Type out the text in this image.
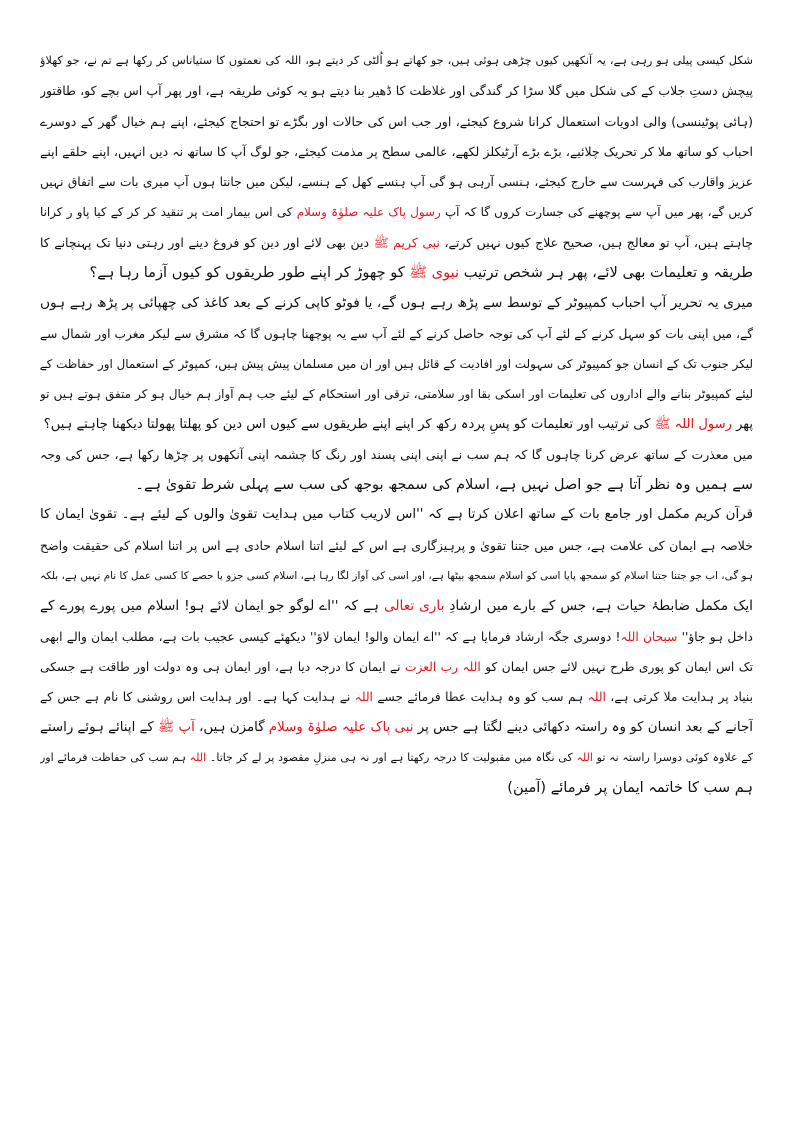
شکل کیسی پیلی ہو رہی ہے، یہ آنکھیں کیوں چڑھی ہوئی ہیں، جو کھاتے ہو اُلٹی کر دیتے ہو، اللہ کی نعمتوں کا ستیاناس کر رکھا ہے تم نے، جو کھلاؤ
پیچش دستِ جلاب کے کی شکل میں گلا سڑا کر گندگی اور غلاظت کا ڈھیر بنا دیتے ہو یہ کوئی طریقہ ہے، اور پھر آپ اس بچے کو، طاقتور
(ہائی پوٹینسی) والی ادویات استعمال کرانا شروع کیجئے، اور جب اس کی حالات اور بگڑے تو احتجاج کیجئے، اپنے ہم خیال گھر کے دوسرے
احباب کو ساتھ ملا کر تحریک چلائیے، بڑے بڑے آرٹیکلز لکھے، عالمی سطح پر مذمت کیجئے، جو لوگ آپ کا ساتھ نہ دیں انہیں، اپنے حلقے اپنے
عزیز واقارب کی فہرست سے خارج کیجئے، ہنسی آرہی ہو گی آپ ہنسے کھل کے ہنسے، لیکن میں جانتا ہوں آپ میری بات سے اتفاق نہیں
کریں گے، پھر میں آپ سے پوچھنے کی جسارت کروں گا کہ آپ رسول پاک علیہ صلوٰۃ وسلام کی اس بیمار امت پر تنقید کر کر کے کیا پاو ر کرانا
چاہتے ہیں، آپ تو معالج ہیں، صحیح علاج کیوں نہیں کرتے، نبی کریم ﷺ دین بھی لائے اور دین کو فروغ دینے اور رہتی دنیا تک پہنچانے کا
طریقہ و تعلیمات بھی لائے، پھر ہر شخص ترتیب نبوی ﷺ کو چھوڑ کر اپنے طور طریقوں کو کیوں آزما رہا ہے؟
میری یہ تحریر آپ احباب کمپیوٹر کے توسط سے پڑھ رہے ہوں گے، یا فوٹو کاپی کرنے کے بعد کاغذ کی چھپائی پر پڑھ رہے ہوں
گے، میں اپنی بات کو سہل کرنے کے لئے آپ کی توجہ حاصل کرنے کے لئے آپ سے یہ پوچھنا چاہوں گا کہ مشرق سے لیکر مغرب اور شمال سے
لیکر جنوب تک کے انسان جو کمپیوٹر کی سہولت اور افادیت کے قائل ہیں اور ان میں مسلمان پیش پیش ہیں، کمپوٹر کے استعمال اور حفاظت کے
لیئے کمپیوٹر بنانے والے اداروں کی تعلیمات اور اسکی بقا اور سلامتی، ترقی اور استحکام کے لیئے جب ہم آواز ہم خیال ہو کر متفق ہوتے ہیں تو
پھر رسول اللہ ﷺ کی ترتیب اور تعلیمات کو پسِ پردہ رکھ کر اپنے اپنے طریقوں سے کیوں اس دین کو پھلتا پھولتا دیکھنا چاہتے ہیں؟
میں معذرت کے ساتھ عرض کرنا چاہوں گا کہ ہم سب نے اپنی اپنی پسند اور رنگ کا چشمہ اپنی آنکھوں پر چڑھا رکھا ہے، جس کی وجہ
سے ہمیں وہ نظر آتا ہے جو اصل نہیں ہے، اسلام کی سمجھ بوجھ کی سب سے پہلی شرط تقویٰ ہے۔
قرآن کریم مکمل اور جامع بات کے ساتھ اعلان کرتا ہے کہ ''اس لاریب کتاب میں ہدایت تقویٰ والوں کے لیئے ہے۔ تقویٰ ایمان کا
خلاصہ ہے ایمان کی علامت ہے، جس میں جتنا تقویٰ و پرہیزگاری ہے اس کے لیئے اتنا اسلام حادی ہے اس پر اتنا اسلام کی حقیقت واضح
ہو گی، اب جو جتنا جتنا اسلام کو سمجھ پایا اسی کو اسلام سمجھ بیٹھا ہے، اور اسی کی آواز لگا رہا ہے، اسلام کسی جزو یا حصے کا کسی عمل کا نام نہیں ہے، بلکہ
ایک مکمل ضابطۂ حیات ہے، جس کے بارے میں ارشادِ باری تعالی ہے کہ ''اے لوگو جو ایمان لائے ہو! اسلام میں پورے پورے کے
داخل ہو جاؤ'' سبحان اللہ! دوسری جگہ ارشاد فرمایا ہے کہ ''اے ایمان والو! ایمان لاؤ'' دیکھئے کیسی عجیب بات ہے، مطلب ایمان والے ابھی
تک اس ایمان کو پوری طرح نہیں لائے جس ایمان کو اللہ رب العزت نے ایمان کا درجہ دیا ہے، اور ایمان ہی وہ دولت اور طاقت ہے جسکی
بنیاد پر ہدایت ملا کرتی ہے، اللہ ہم سب کو وہ ہدایت عطا فرمائے جسے اللہ نے ہدایت کہا ہے۔ اور ہدایت اس روشنی کا نام ہے جس کے
آجانے کے بعد انسان کو وہ راستہ دکھائی دینے لگتا ہے جس پر نبی پاک علیہ صلوٰۃ وسلام گامزن ہیں، آپ ﷺ کے اپنائے ہوئے راستے
کے علاوہ کوئی دوسرا راستہ نہ تو اللہ کی نگاہ میں مقبولیت کا درجہ رکھتا ہے اور نہ ہی منزلِ مقصود پر لے کر جاتا۔ اللہ ہم سب کی حفاظت فرمائے اور
ہم سب کا خاتمہ ایمان پر فرمائے (آمین)
